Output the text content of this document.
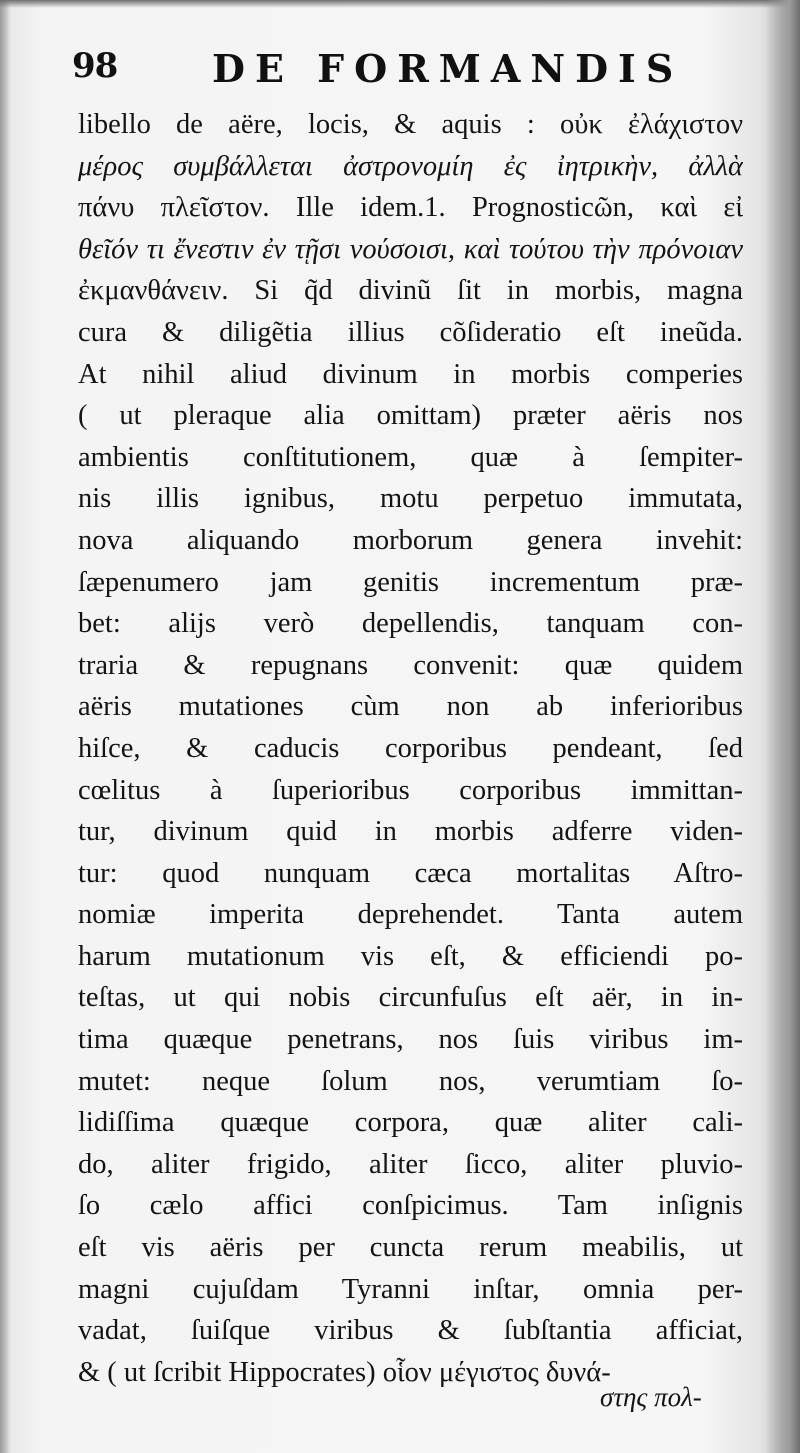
98 DE FORMANDIS
libello de aëre, locis, & aquis : οὐκ ἐλάχιστον
μέρος συμβάλλεται ἀστρονομίη ἐς ἰητρικὴν, ἀλλὰ
πάνυ πλεῖστον. Ille idem.1. Prognosticῶn, καὶ εἰ
θεῖόν τι ἔνεστιν ἐν τῇσι νούσοισι, καὶ τούτου τὴν πρόνοιαν
ἐκμανθάνειν. Si q̃d divinũ ſit in morbis, magna
cura & diligẽtia illius cõſideratio eſt ineũda.
At nihil aliud divinum in morbis comperies
( ut pleraque alia omittam) præter aëris nos
ambientis conſtitutionem, quæ à ſempiter-
nis illis ignibus, motu perpetuo immutata,
nova aliquando morborum genera invehit:
ſæpenumero jam genitis incrementum præ-
bet: alijs verò depellendis, tanquam con-
traria & repugnans convenit: quæ quidem
aëris mutationes cùm non ab inferioribus
hiſce, & caducis corporibus pendeant, ſed
cœlitus à ſuperioribus corporibus immittan-
tur, divinum quid in morbis adferre viden-
tur: quod nunquam cæca mortalitas Aſtro-
nomiæ imperita deprehendet. Tanta autem
harum mutationum vis eſt, & efficiendi po-
teſtas, ut qui nobis circunfuſus eſt aër, in in-
tima quæque penetrans, nos ſuis viribus im-
mutet: neque ſolum nos, verumtiam ſo-
lidiſſima quæque corpora, quæ aliter cali-
do, aliter frigido, aliter ſicco, aliter pluvio-
ſo cælo affici conſpicimus. Tam inſignis
eſt vis aëris per cuncta rerum meabilis, ut
magni cujuſdam Tyranni inſtar, omnia per-
vadat, ſuiſque viribus & ſubſtantia afficiat,
& ( ut ſcribit Hippocrates) οἷον μέγιστος δυνά-
στης πολ-
